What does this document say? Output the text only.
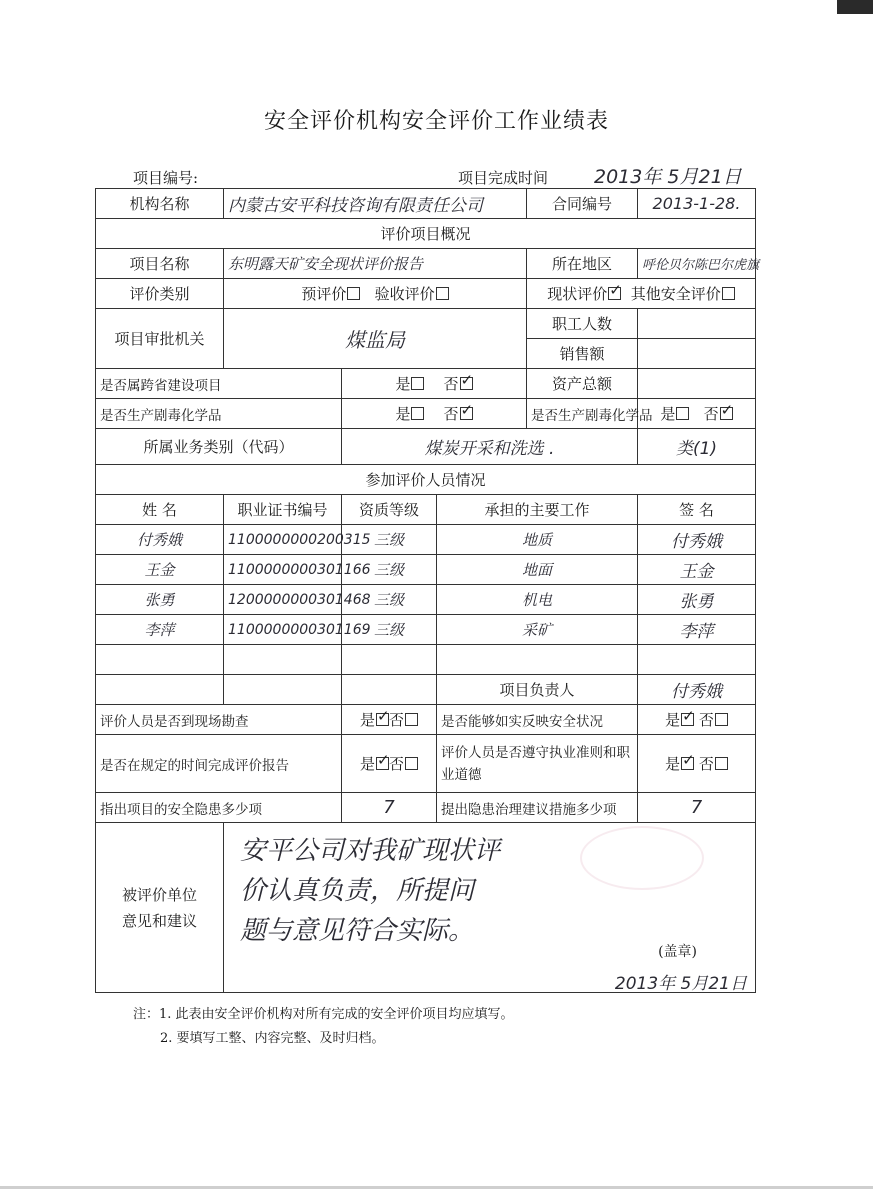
安全评价机构安全评价工作业绩表
项目编号:	项目完成时间 2013年 5月21日
机构名称	内蒙古安平科技咨询有限责任公司			合同编号	2013-1-28.
评价项目概况					
项目名称	东明露天矿安全现状评价报告			所在地区	呼伦贝尔陈巴尔虎旗
评价类别	预评价 验收评价			现状评价 ✓ 其他安全评价
项目审批机关	煤监局			职工人数	
				销售额	
是否属跨省建设项目		是 否✓		资产总额	
是否生产剧毒化学品		是 否✓		是否生产剧毒化学品	是 否✓
所属业务类别（代码）		煤炭开采和洗选 .			类(1)
参加评价人员情况					
姓 名	职业证书编号	资质等级	承担的主要工作		签 名
付秀娥	1100000000200315	三级	地质		付秀娥
王金	1100000000301166	三级	地面		王金
张勇	1200000000301468	三级	机电		张勇
李萍	1100000000301169	三级	采矿		李萍

			项目负责人		付秀娥
评价人员是否到现场勘查		是 ✓ 否	是否能够如实反映安全状况		是 ✓ 否
是否在规定的时间完成评价报告		是 ✓ 否	评价人员是否遵守执业准则和职业道德		是 ✓ 否
指出项目的安全隐患多少项		7	提出隐患治理建议措施多少项		7
被评价单位意见和建议	安平公司对我矿现状评
价认真负责，所提问
题与意见符合实际。
(盖章)
2013年 5月21日				
注：1. 此表由安全评价机构对所有完成的安全评价项目均应填写。
2. 要填写工整、内容完整、及时归档。
